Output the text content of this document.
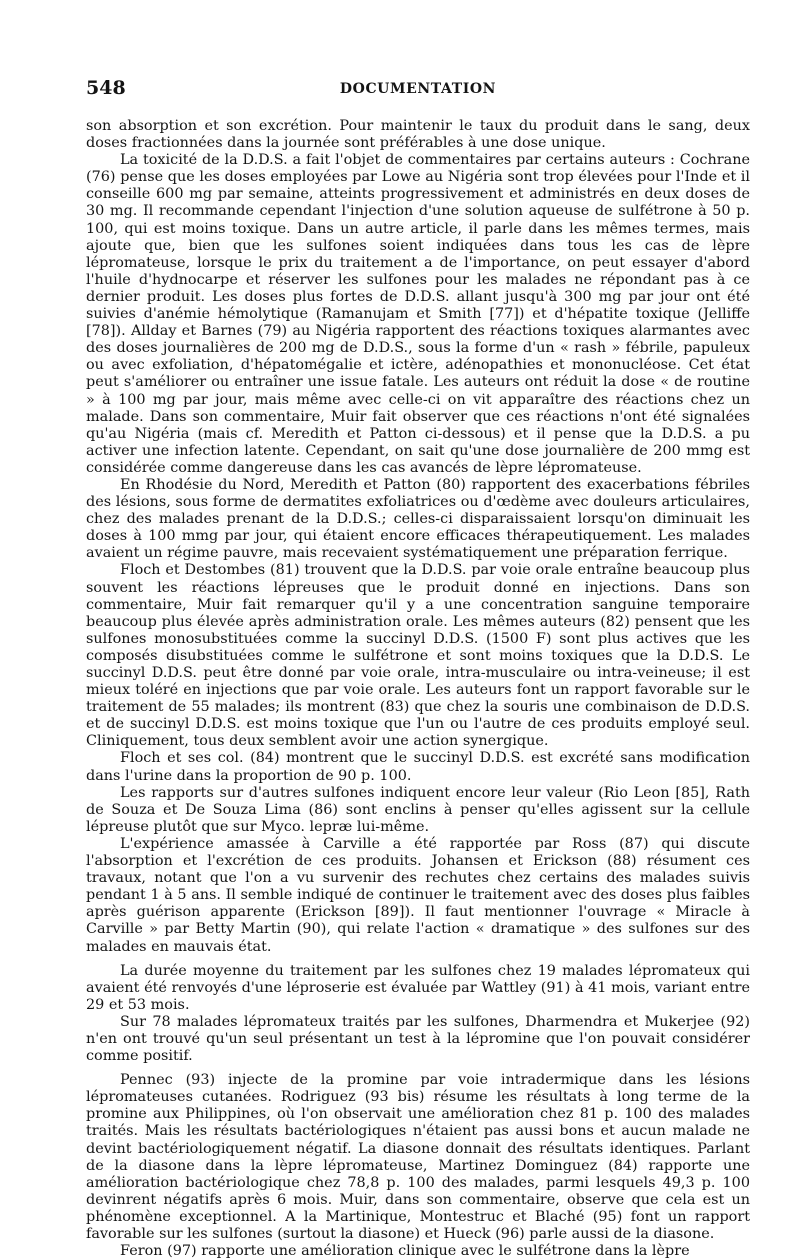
548	DOCUMENTATION

son absorption et son excrétion. Pour maintenir le taux du produit dans le sang, deux doses fractionnées dans la journée sont préférables à une dose unique.

La toxicité de la D.D.S. a fait l'objet de commentaires par certains auteurs : Cochrane (76) pense que les doses employées par Lowe au Nigéria sont trop élevées pour l'Inde et il conseille 600 mg par semaine, atteints progressivement et administrés en deux doses de 30 mg. Il recommande cependant l'injection d'une solution aqueuse de sulfétrone à 50 p. 100, qui est moins toxique. Dans un autre article, il parle dans les mêmes termes, mais ajoute que, bien que les sulfones soient indiquées dans tous les cas de lèpre lépromateuse, lorsque le prix du traitement a de l'importance, on peut essayer d'abord l'huile d'hydnocarpe et réserver les sulfones pour les malades ne répondant pas à ce dernier produit. Les doses plus fortes de D.D.S. allant jusqu'à 300 mg par jour ont été suivies d'anémie hémolytique (Ramanujam et Smith [77]) et d'hépatite toxique (Jelliffe [78]). Allday et Barnes (79) au Nigéria rapportent des réactions toxiques alarmantes avec des doses journalières de 200 mg de D.D.S., sous la forme d'un « rash » fébrile, papuleux ou avec exfoliation, d'hépatomégalie et ictère, adénopathies et mononucléose. Cet état peut s'améliorer ou entraîner une issue fatale. Les auteurs ont réduit la dose « de routine » à 100 mg par jour, mais même avec celle-ci on vit apparaître des réactions chez un malade. Dans son commentaire, Muir fait observer que ces réactions n'ont été signalées qu'au Nigéria (mais cf. Meredith et Patton ci-dessous) et il pense que la D.D.S. a pu activer une infection latente. Cependant, on sait qu'une dose journalière de 200 mmg est considérée comme dangereuse dans les cas avancés de lèpre lépromateuse.

En Rhodésie du Nord, Meredith et Patton (80) rapportent des exacerbations fébriles des lésions, sous forme de dermatites exfoliatrices ou d'œdème avec douleurs articulaires, chez des malades prenant de la D.D.S.; celles-ci disparaissaient lorsqu'on diminuait les doses à 100 mmg par jour, qui étaient encore efficaces thérapeutiquement. Les malades avaient un régime pauvre, mais recevaient systématiquement une préparation ferrique.

Floch et Destombes (81) trouvent que la D.D.S. par voie orale entraîne beaucoup plus souvent les réactions lépreuses que le produit donné en injections. Dans son commentaire, Muir fait remarquer qu'il y a une concentration sanguine temporaire beaucoup plus élevée après administration orale. Les mêmes auteurs (82) pensent que les sulfones monosubstituées comme la succinyl D.D.S. (1500 F) sont plus actives que les composés disubstituées comme le sulfétrone et sont moins toxiques que la D.D.S. Le succinyl D.D.S. peut être donné par voie orale, intra-musculaire ou intra-veineuse; il est mieux toléré en injections que par voie orale. Les auteurs font un rapport favorable sur le traitement de 55 malades; ils montrent (83) que chez la souris une combinaison de D.D.S. et de succinyl D.D.S. est moins toxique que l'un ou l'autre de ces produits employé seul. Cliniquement, tous deux semblent avoir une action synergique.

Floch et ses col. (84) montrent que le succinyl D.D.S. est excrété sans modification dans l'urine dans la proportion de 90 p. 100.

Les rapports sur d'autres sulfones indiquent encore leur valeur (Rio Leon [85], Rath de Souza et De Souza Lima (86) sont enclins à penser qu'elles agissent sur la cellule lépreuse plutôt que sur Myco. lepræ lui-même.

L'expérience amassée à Carville a été rapportée par Ross (87) qui discute l'absorption et l'excrétion de ces produits. Johansen et Erickson (88) résument ces travaux, notant que l'on a vu survenir des rechutes chez certains des malades suivis pendant 1 à 5 ans. Il semble indiqué de continuer le traitement avec des doses plus faibles après guérison apparente (Erickson [89]). Il faut mentionner l'ouvrage « Miracle à Carville » par Betty Martin (90), qui relate l'action « dramatique » des sulfones sur des malades en mauvais état.

La durée moyenne du traitement par les sulfones chez 19 malades lépromateux qui avaient été renvoyés d'une léproserie est évaluée par Wattley (91) à 41 mois, variant entre 29 et 53 mois.

Sur 78 malades lépromateux traités par les sulfones, Dharmendra et Mukerjee (92) n'en ont trouvé qu'un seul présentant un test à la lépromine que l'on pouvait considérer comme positif.

Pennec (93) injecte de la promine par voie intradermique dans les lésions lépromateuses cutanées. Rodriguez (93 bis) résume les résultats à long terme de la promine aux Philippines, où l'on observait une amélioration chez 81 p. 100 des malades traités. Mais les résultats bactériologiques n'étaient pas aussi bons et aucun malade ne devint bactériologiquement négatif. La diasone donnait des résultats identiques. Parlant de la diasone dans la lèpre lépromateuse, Martinez Dominguez (84) rapporte une amélioration bactériologique chez 78,8 p. 100 des malades, parmi lesquels 49,3 p. 100 devinrent négatifs après 6 mois. Muir, dans son commentaire, observe que cela est un phénomène exceptionnel. A la Martinique, Montestruc et Blaché (95) font un rapport favorable sur les sulfones (surtout la diasone) et Hueck (96) parle aussi de la diasone.

Feron (97) rapporte une amélioration clinique avec le sulfétrone dans la lèpre
